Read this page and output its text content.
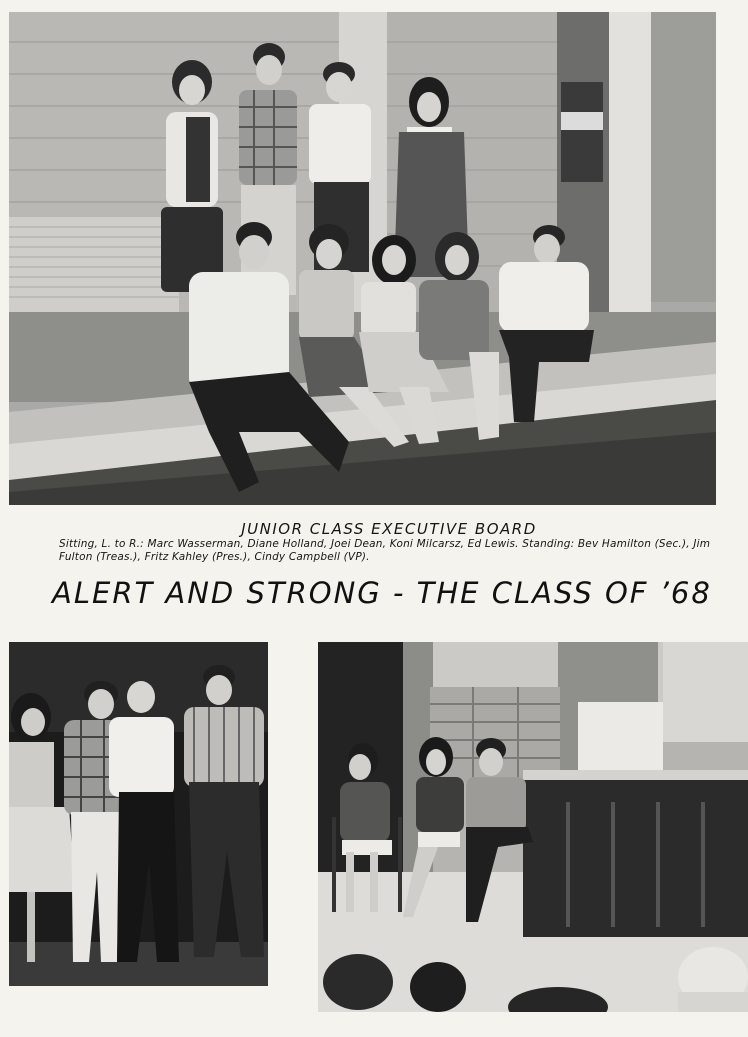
JUNIOR CLASS EXECUTIVE BOARD
Sitting, L. to R.: Marc Wasserman, Diane Holland, Joei Dean, Koni Milcarsz, Ed Lewis. Standing: Bev Hamilton (Sec.), Jim Fulton (Treas.), Fritz Kahley (Pres.), Cindy Campbell (VP).
ALERT AND STRONG - THE CLASS OF ’68
